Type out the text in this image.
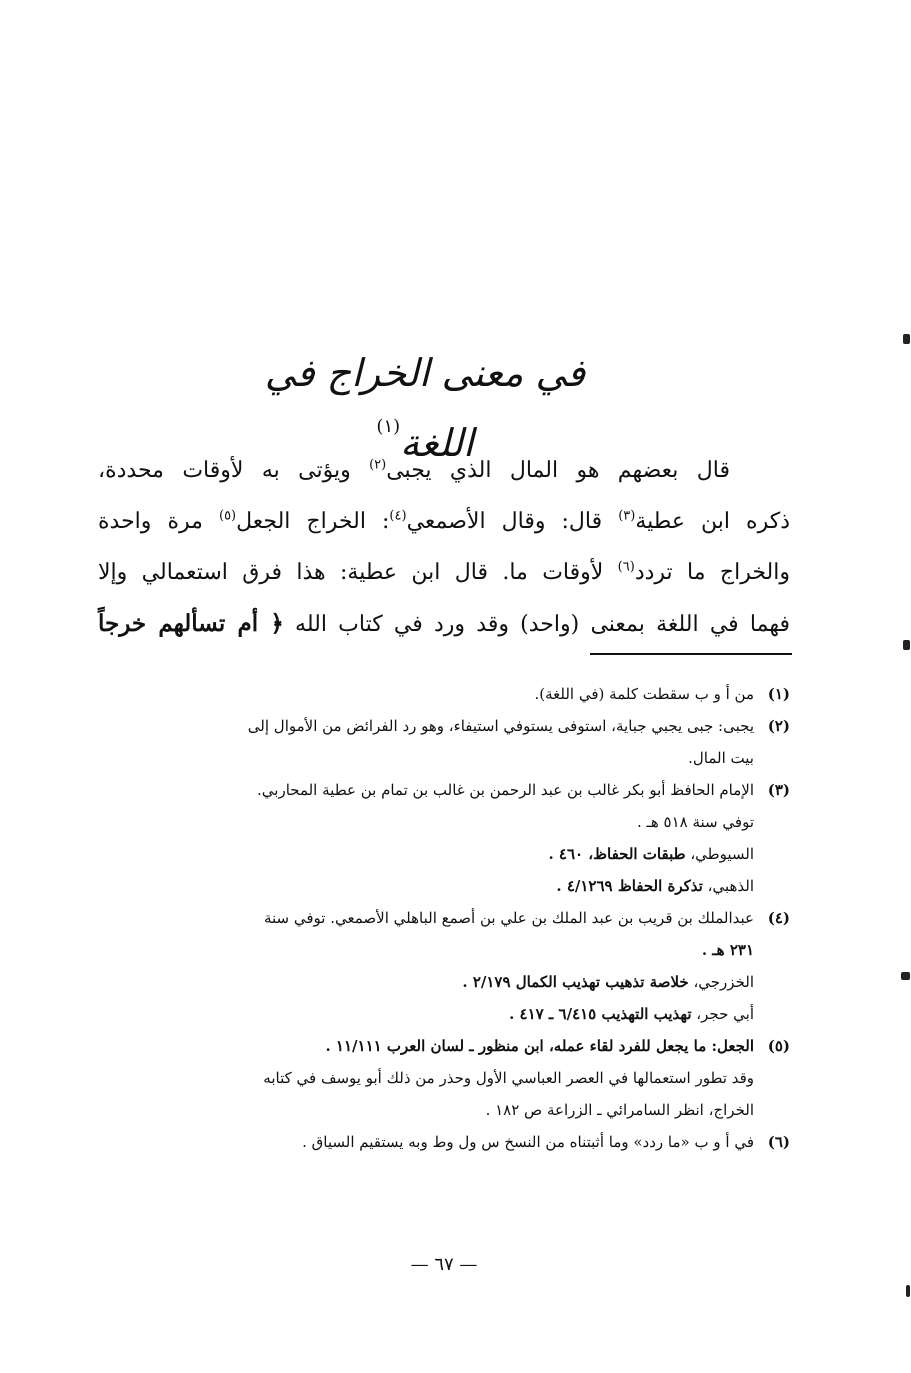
في معنى الخراج في اللغة$^{(١)}$
قال بعضهم هو المال الذي يجبى$^{(٢)}$ ويؤتى به لأوقات محددة،
ذكره ابن عطية$^{(٣)}$ قال: وقال الأصمعي$^{(٤)}$: الخراج الجعل$^{(٥)}$ مرة واحدة
والخراج ما تردد$^{(٦)}$ لأوقات ما. قال ابن عطية: هذا فرق استعمالي وإلا
فهما في اللغة بمعنى (واحد) وقد ورد في كتاب الله ﴿ أم تسألهم خرجاً
(١)من أ و ب سقطت كلمة (في اللغة).
(٢)يجبى: جبى يجبي جباية، استوفى يستوفي استيفاء، وهو رد الفرائض من الأموال إلى
بيت المال.
(٣)الإمام الحافظ أبو بكر غالب بن عبد الرحمن بن غالب بن تمام بن عطية المحاربي.
توفي سنة ٥١٨ هـ .
السيوطي، طبقات الحفاظ، ٤٦٠ .
الذهبي، تذكرة الحفاظ ٤/١٢٦٩ .
(٤)عبدالملك بن قريب بن عبد الملك بن علي بن أصمع الباهلي الأصمعي. توفي سنة
٢٣١ هـ .
الخزرجي، خلاصة تذهيب تهذيب الكمال ٢/١٧٩ .
أبي حجر، تهذيب التهذيب ٦/٤١٥ ـ ٤١٧ .
(٥)الجعل: ما يجعل للفرد لقاء عمله، ابن منظور ـ لسان العرب ١١/١١١ .
وقد تطور استعمالها في العصر العباسي الأول وحذر من ذلك أبو يوسف في كتابه
الخراج، انظر السامرائي ـ الزراعة ص ١٨٢ .
(٦)في أ و ب «ما ردد» وما أثبتناه من النسخ س ول وط وبه يستقيم السياق .
— ٦٧ —
